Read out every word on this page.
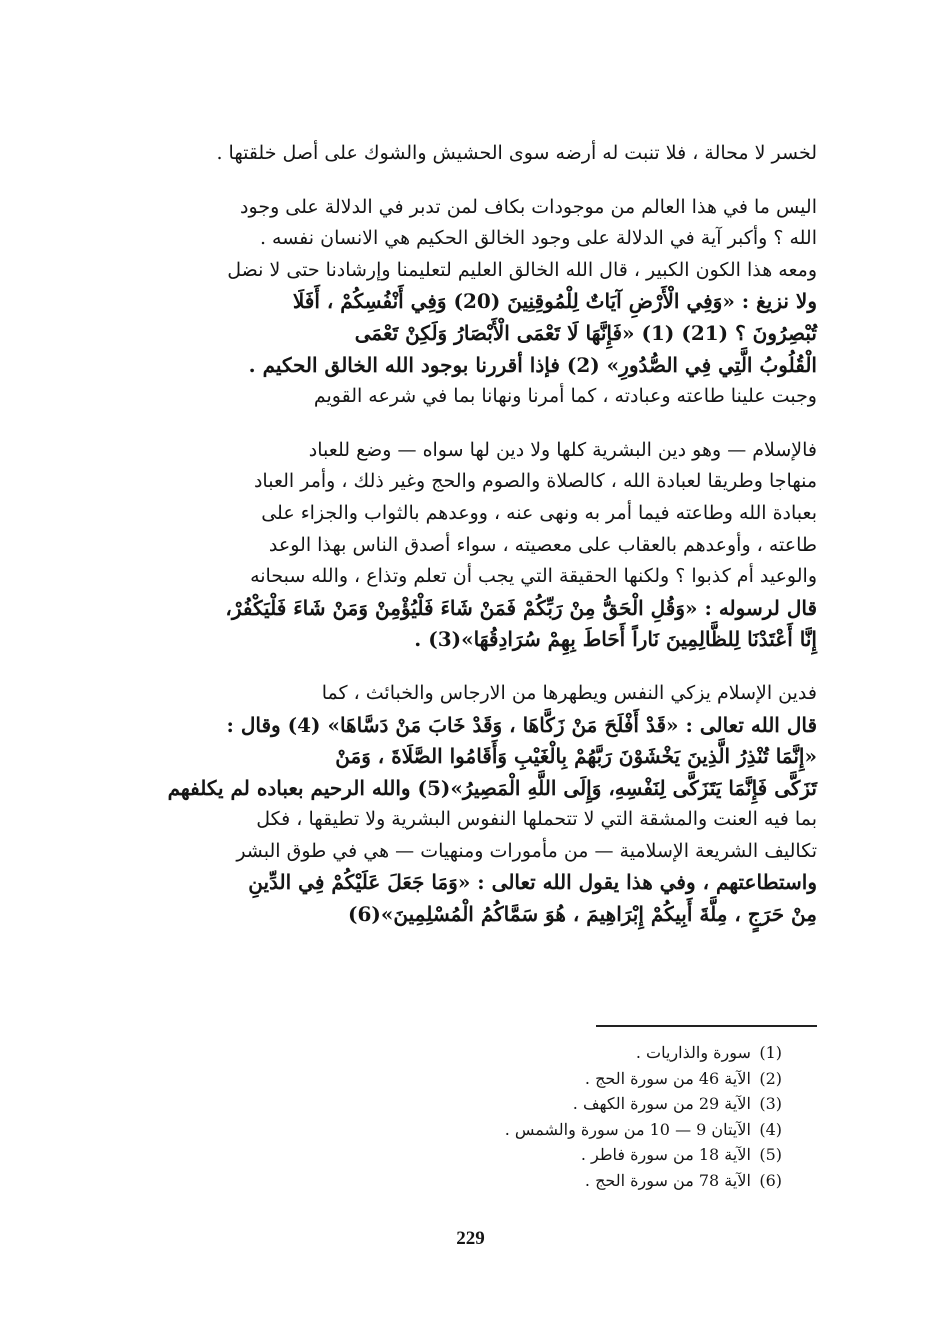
لخسر لا محالة ، فلا تنبت له أرضه سوى الحشيش والشوك على أصل خلقتها .

اليس ما في هذا العالم من موجودات بكاف لمن تدبر في الدلالة على وجود
الله ؟ وأكبر آية في الدلالة على وجود الخالق الحكيم هي الانسان نفسه .
ومعه هذا الكون الكبير ، قال الله الخالق العليم لتعليمنا وإرشادنا حتى لا نضل
ولا نزيغ : «وَفِي الْأَرْضِ آيَاتٌ لِلْمُوقِنِينَ (20) وَفِي أَنْفُسِكُمْ ، أَفَلَا
تُبْصِرُونَ ؟ (21) (1) «فَإِنَّهَا لَا تَعْمَى الْأَبْصَارُ وَلَكِنْ تَعْمَى
الْقُلُوبُ الَّتِي فِي الصُّدُورِ» (2) فإذا أقررنا بوجود الله الخالق الحكيم .
وجبت علينا طاعته وعبادته ، كما أمرنا ونهانا بما في شرعه القويم

فالإسلام — وهو دين البشرية كلها ولا دين لها سواه — وضع للعباد
منهاجا وطريقا لعبادة الله ، كالصلاة والصوم والحج وغير ذلك ، وأمر العباد
بعبادة الله وطاعته فيما أمر به ونهى عنه ، ووعدهم بالثواب والجزاء على
طاعته ، وأوعدهم بالعقاب على معصيته ، سواء أصدق الناس بهذا الوعد
والوعيد أم كذبوا ؟ ولكنها الحقيقة التي يجب أن تعلم وتذاع ، والله سبحانه
قال لرسوله : «وَقُلِ الْحَقُّ مِنْ رَبِّكُمْ فَمَنْ شَاءَ فَلْيُؤْمِنْ وَمَنْ شَاءَ فَلْيَكْفُرْ،
إِنَّا أَعْتَدْنَا لِلظَّالِمِينَ نَاراً أَحَاطَ بِهِمْ سُرَادِقُهَا»(3) .

فدين الإسلام يزكي النفس ويطهرها من الارجاس والخبائث ، كما
قال الله تعالى : «قَدْ أَفْلَحَ مَنْ زَكَّاهَا ، وَقَدْ خَابَ مَنْ دَسَّاهَا» (4) وقال :
«إِنَّمَا تُنْذِرُ الَّذِينَ يَخْشَوْنَ رَبَّهُمْ بِالْغَيْبِ وَأَقَامُوا الصَّلَاةَ ، وَمَنْ
تَزَكَّى فَإِنَّمَا يَتَزَكَّى لِنَفْسِهِ، وَإِلَى اللَّهِ الْمَصِيرُ»(5) والله الرحيم بعباده لم يكلفهم
بما فيه العنت والمشقة التي لا تتحملها النفوس البشرية ولا تطيقها ، فكل
تكاليف الشريعة الإسلامية — من مأمورات ومنهيات — هي في طوق البشر
واستطاعتهم ، وفي هذا يقول الله تعالى : «وَمَا جَعَلَ عَلَيْكُمْ فِي الدِّينِ
مِنْ حَرَجٍ ، مِلَّةَ أَبِيكُمْ إِبْرَاهِيمَ ، هُوَ سَمَّاكُمُ الْمُسْلِمِينَ»(6)

(1) سورة والذاريات .
(2) الآية 46 من سورة الحج .
(3) الآية 29 من سورة الكهف .
(4) الآيتان 9 — 10 من سورة والشمس .
(5) الآية 18 من سورة فاطر .
(6) الآية 78 من سورة الحج .
229
